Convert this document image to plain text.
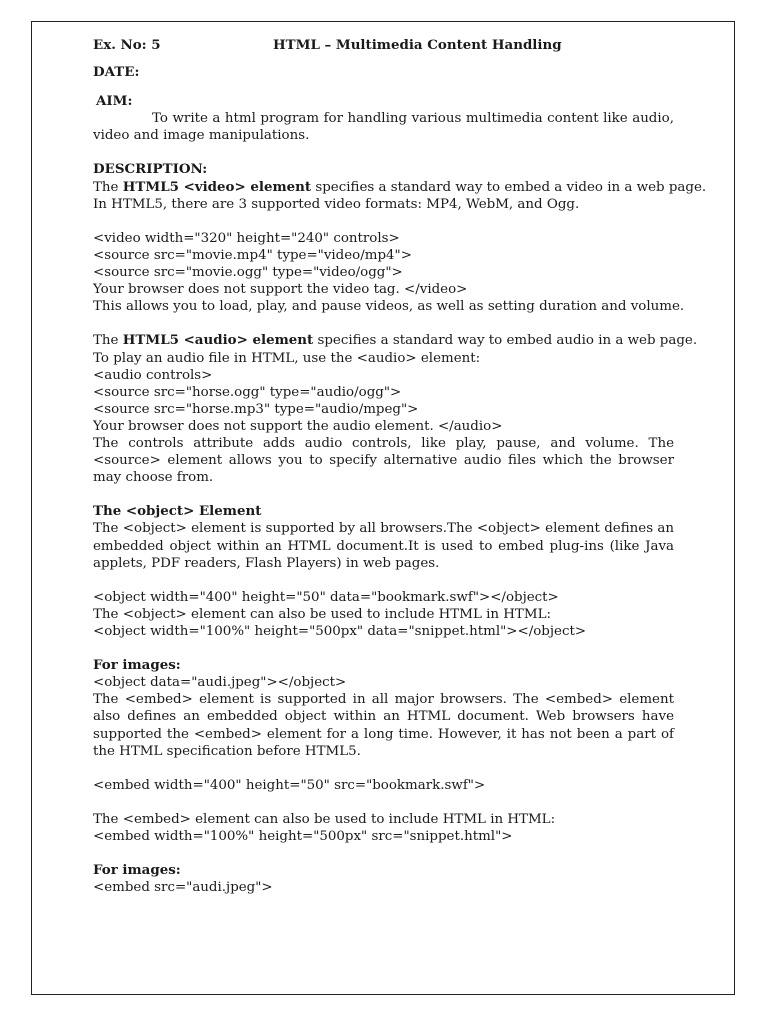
Ex. No: 5	HTML – Multimedia Content Handling

DATE:

AIM:

To write a html program for handling various multimedia content like audio,

video and image manipulations.

DESCRIPTION:

The HTML5 <video> element specifies a standard way to embed a video in a web page.

In HTML5, there are 3 supported video formats: MP4, WebM, and Ogg.

<video width="320" height="240" controls>

<source src="movie.mp4" type="video/mp4">

<source src="movie.ogg" type="video/ogg">

Your browser does not support the video tag. </video>

This allows you to load, play, and pause videos, as well as setting duration and volume.

The HTML5 <audio> element specifies a standard way to embed audio in a web page.

To play an audio file in HTML, use the <audio> element:

<audio controls>

<source src="horse.ogg" type="audio/ogg">

<source src="horse.mp3" type="audio/mpeg">

Your browser does not support the audio element. </audio>

The controls attribute adds audio controls, like play, pause, and volume. The <source> element allows you to specify alternative audio files which the browser may choose from.

The <object> Element

The <object> element is supported by all browsers.The <object> element defines an embedded object within an HTML document.It is used to embed plug-ins (like Java applets, PDF readers, Flash Players) in web pages.

<object width="400" height="50" data="bookmark.swf"></object>

The <object> element can also be used to include HTML in HTML:

<object width="100%" height="500px" data="snippet.html"></object>

For images:

<object data="audi.jpeg"></object>

The <embed> element is supported in all major browsers. The <embed> element also defines an embedded object within an HTML document. Web browsers have supported the <embed> element for a long time. However, it has not been a part of the HTML specification before HTML5.

<embed width="400" height="50" src="bookmark.swf">

The <embed> element can also be used to include HTML in HTML:

<embed width="100%" height="500px" src="snippet.html">

For images:

<embed src="audi.jpeg">
